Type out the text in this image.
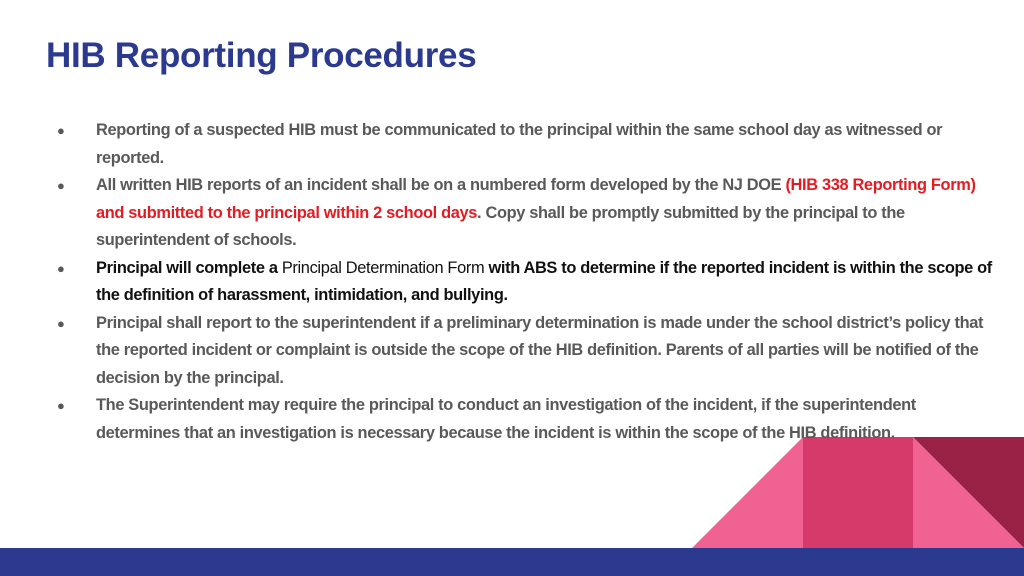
HIB Reporting Procedures
● Reporting of a suspected HIB must be communicated to the principal within the same school day as witnessed or reported.
● All written HIB reports of an incident shall be on a numbered form developed by the NJ DOE (HIB 338 Reporting Form) and submitted to the principal within 2 school days. Copy shall be promptly submitted by the principal to the superintendent of schools.
● Principal will complete a Principal Determination Form with ABS to determine if the reported incident is within the scope of the definition of harassment, intimidation, and bullying.
● Principal shall report to the superintendent if a preliminary determination is made under the school district’s policy that the reported incident or complaint is outside the scope of the HIB definition. Parents of all parties will be notified of the decision by the principal.
● The Superintendent may require the principal to conduct an investigation of the incident, if the superintendent determines that an investigation is necessary because the incident is within the scope of the HIB definition.
